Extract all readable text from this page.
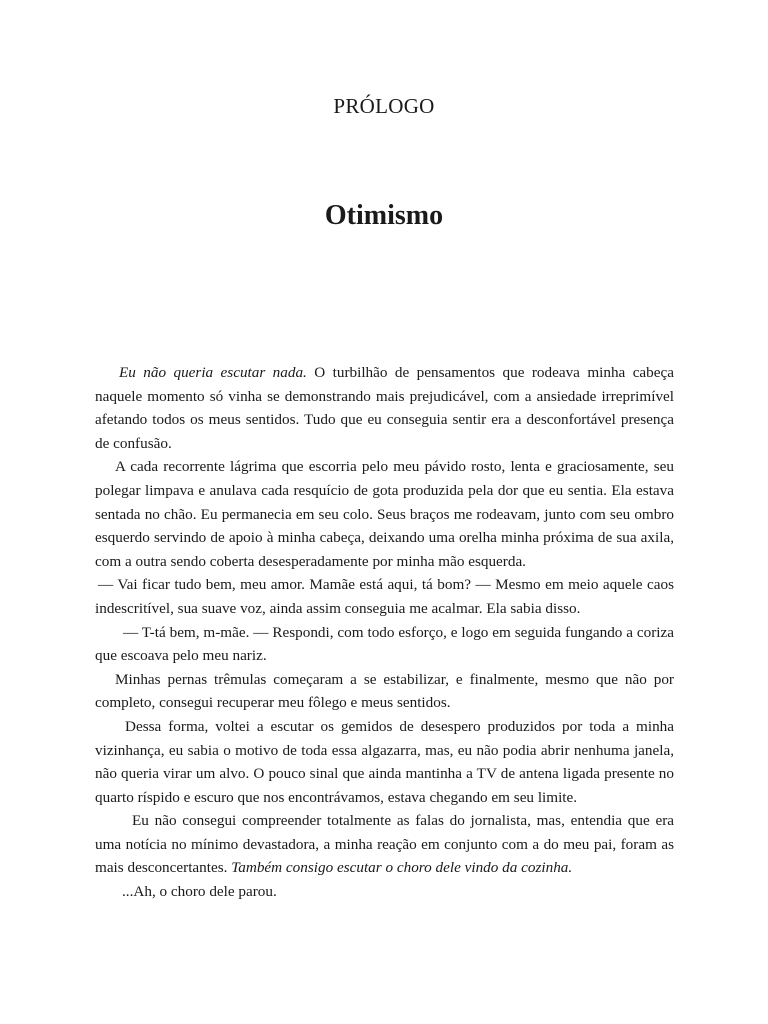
PRÓLOGO
Otimismo

Eu não queria escutar nada. O turbilhão de pensamentos que rodeava minha cabeça naquele momento só vinha se demonstrando mais prejudicável, com a ansiedade irreprimível afetando todos os meus sentidos. Tudo que eu conseguia sentir era a desconfortável presença de confusão.

A cada recorrente lágrima que escorria pelo meu pávido rosto, lenta e graciosamente, seu polegar limpava e anulava cada resquício de gota produzida pela dor que eu sentia. Ela estava sentada no chão. Eu permanecia em seu colo. Seus braços me rodeavam, junto com seu ombro esquerdo servindo de apoio à minha cabeça, deixando uma orelha minha próxima de sua axila, com a outra sendo coberta desesperadamente por minha mão esquerda.

— Vai ficar tudo bem, meu amor. Mamãe está aqui, tá bom? — Mesmo em meio aquele caos indescritível, sua suave voz, ainda assim conseguia me acalmar. Ela sabia disso.

— T-tá bem, m-mãe. — Respondi, com todo esforço, e logo em seguida fungando a coriza que escoava pelo meu nariz.

Minhas pernas trêmulas começaram a se estabilizar, e finalmente, mesmo que não por completo, consegui recuperar meu fôlego e meus sentidos.

Dessa forma, voltei a escutar os gemidos de desespero produzidos por toda a minha vizinhança, eu sabia o motivo de toda essa algazarra, mas, eu não podia abrir nenhuma janela, não queria virar um alvo. O pouco sinal que ainda mantinha a TV de antena ligada presente no quarto ríspido e escuro que nos encontrávamos, estava chegando em seu limite.

Eu não consegui compreender totalmente as falas do jornalista, mas, entendia que era uma notícia no mínimo devastadora, a minha reação em conjunto com a do meu pai, foram as mais desconcertantes. Também consigo escutar o choro dele vindo da cozinha.

...Ah, o choro dele parou.
